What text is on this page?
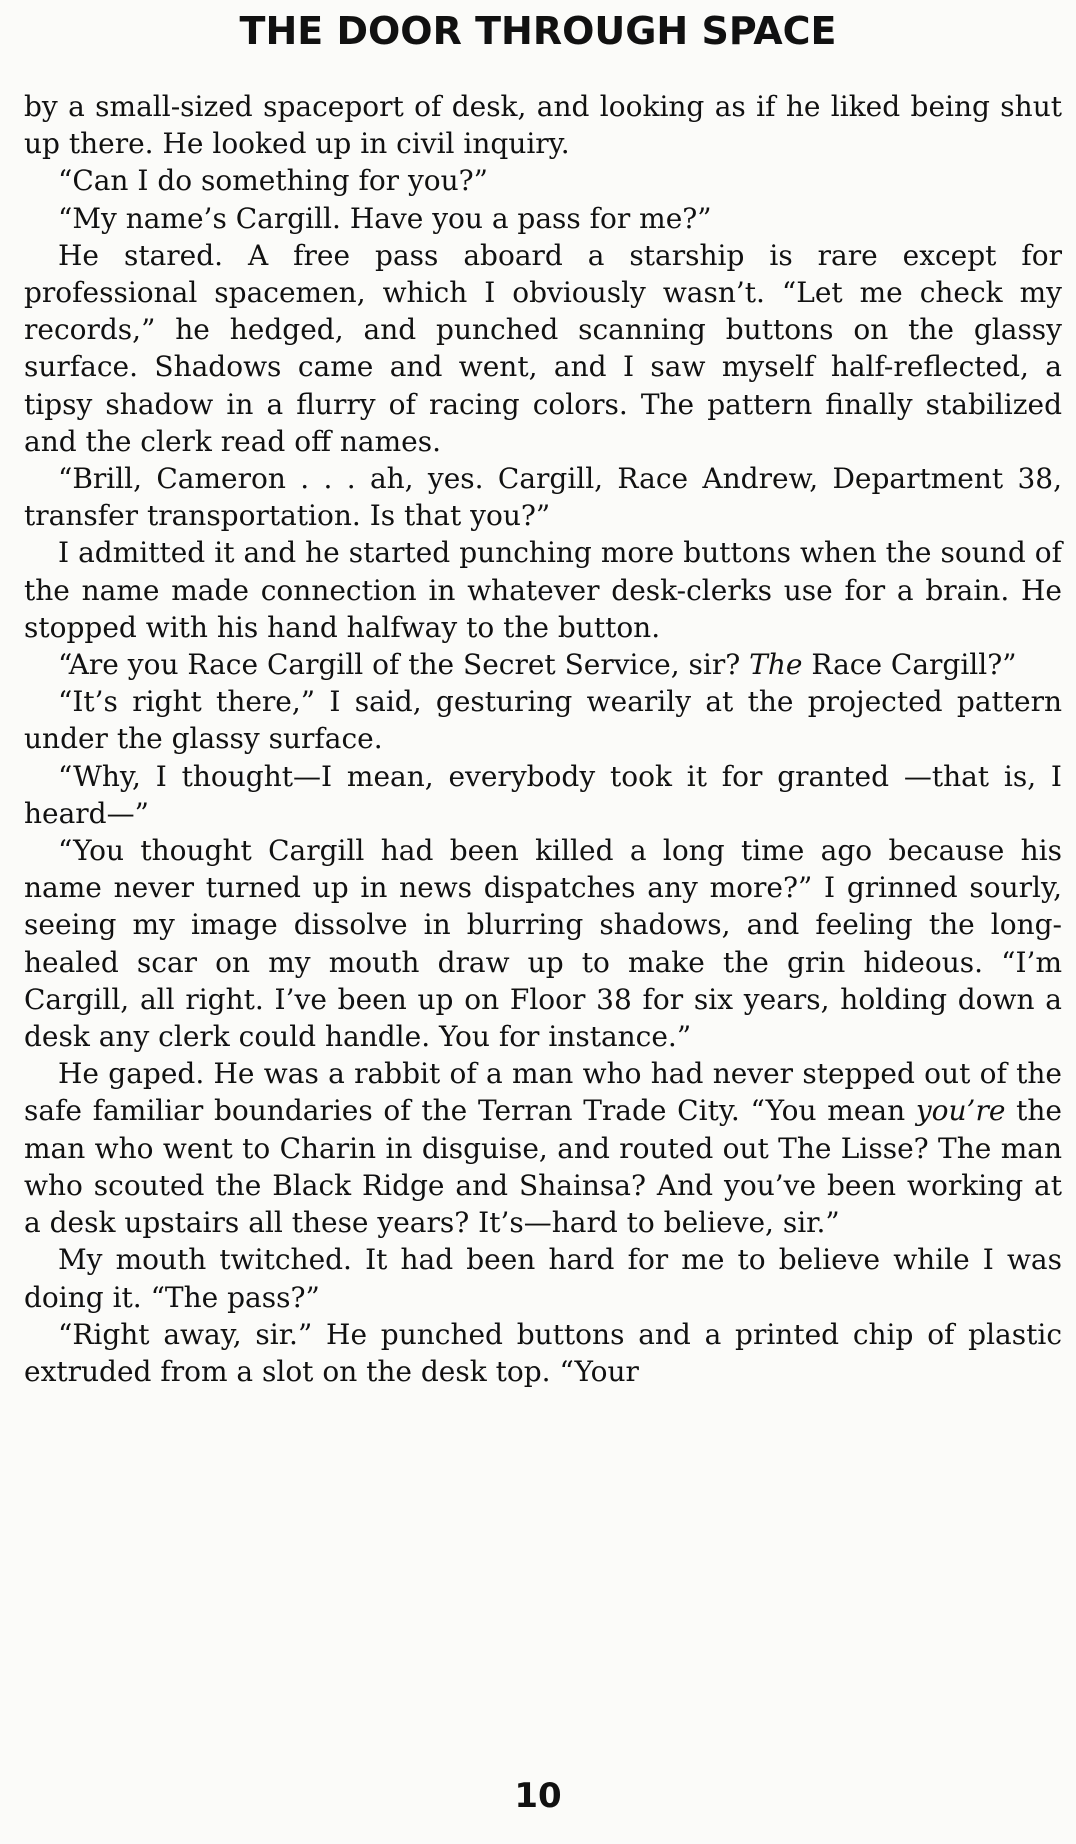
THE DOOR THROUGH SPACE

by a small-sized spaceport of desk, and looking as if he liked being shut up there. He looked up in civil inquiry.

“Can I do something for you?”

“My name’s Cargill. Have you a pass for me?”

He stared. A free pass aboard a starship is rare except for professional spacemen, which I obviously wasn’t. “Let me check my records,” he hedged, and punched scanning buttons on the glassy surface. Shadows came and went, and I saw myself half-reflected, a tipsy shadow in a flurry of racing colors. The pattern finally stabilized and the clerk read off names.

“Brill, Cameron . . . ah, yes. Cargill, Race Andrew, Department 38, transfer transportation. Is that you?”

I admitted it and he started punching more buttons when the sound of the name made connection in whatever desk-clerks use for a brain. He stopped with his hand halfway to the button.

“Are you Race Cargill of the Secret Service, sir? The Race Cargill?”

“It’s right there,” I said, gesturing wearily at the projected pattern under the glassy surface.

“Why, I thought—I mean, everybody took it for granted —that is, I heard—”

“You thought Cargill had been killed a long time ago because his name never turned up in news dispatches any more?” I grinned sourly, seeing my image dissolve in blurring shadows, and feeling the long-healed scar on my mouth draw up to make the grin hideous. “I’m Cargill, all right. I’ve been up on Floor 38 for six years, holding down a desk any clerk could handle. You for instance.”

He gaped. He was a rabbit of a man who had never stepped out of the safe familiar boundaries of the Terran Trade City. “You mean you’re the man who went to Charin in disguise, and routed out The Lisse? The man who scouted the Black Ridge and Shainsa? And you’ve been working at a desk upstairs all these years? It’s—hard to believe, sir.”

My mouth twitched. It had been hard for me to believe while I was doing it. “The pass?”

“Right away, sir.” He punched buttons and a printed chip of plastic extruded from a slot on the desk top. “Your

10
